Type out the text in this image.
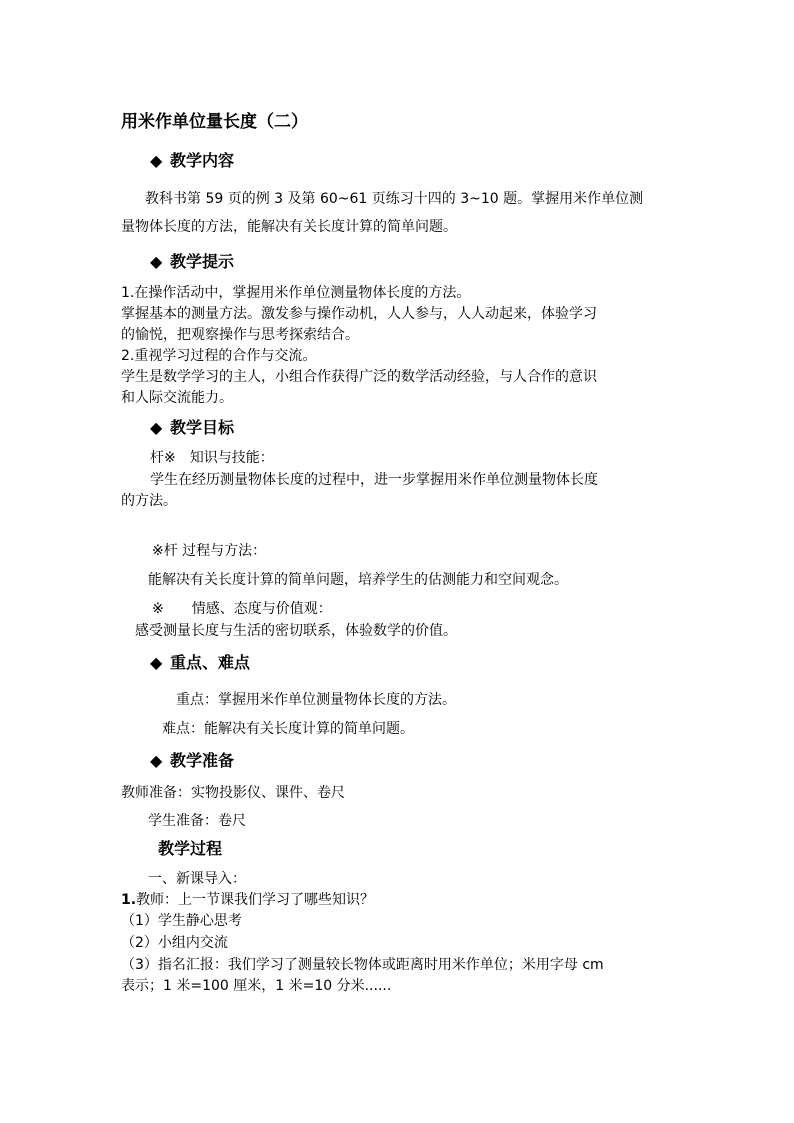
用米作单位量长度（二）
◆ 教学内容
教科书第 59 页的例 3 及第 60~61 页练习十四的 3~10 题。掌握用米作单位测
量物体长度的方法，能解决有关长度计算的简单问题。
◆ 教学提示
1.在操作活动中，掌握用米作单位测量物体长度的方法。
掌握基本的测量方法。激发参与操作动机，人人参与，人人动起来，体验学习
的愉悦，把观察操作与思考探索结合。
2.重视学习过程的合作与交流。
学生是数学学习的主人，小组合作获得广泛的数学活动经验，与人合作的意识
和人际交流能力。
◆ 教学目标
杆※　知识与技能：
学生在经历测量物体长度的过程中，进一步掌握用米作单位测量物体长度
的方法。
※杆 过程与方法：
能解决有关长度计算的简单问题，培养学生的估测能力和空间观念。
※　　情感、态度与价值观：
感受测量长度与生活的密切联系，体验数学的价值。
◆ 重点、难点
重点：掌握用米作单位测量物体长度的方法。
难点：能解决有关长度计算的简单问题。
◆ 教学准备
教师准备：实物投影仪、课件、卷尺
学生准备：卷尺
教学过程
一、新课导入：
1.教师：上一节课我们学习了哪些知识？
（1）学生静心思考
（2）小组内交流
（3）指名汇报：我们学习了测量较长物体或距离时用米作单位；米用字母 cm
表示；1 米=100 厘米，1 米=10 分米......
